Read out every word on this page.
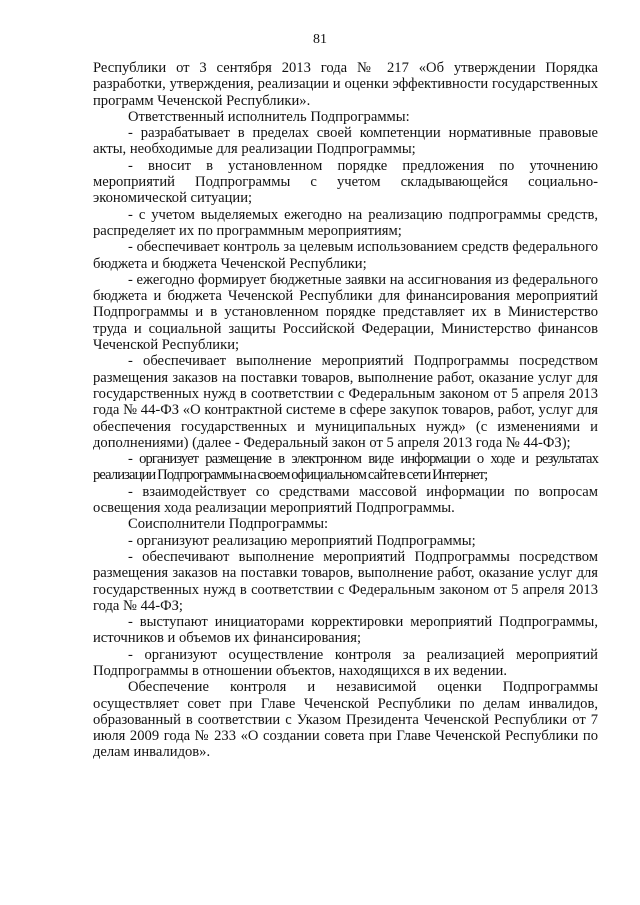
81

Республики от 3 сентября 2013 года № 217 «Об утверждении Порядка разработки, утверждения, реализации и оценки эффективности государственных программ Чеченской Республики».

Ответственный исполнитель Подпрограммы:

- разрабатывает в пределах своей компетенции нормативные правовые акты, необходимые для реализации Подпрограммы;

- вносит в установленном порядке предложения по уточнению мероприятий Подпрограммы с учетом складывающейся социально-экономической ситуации;

- с учетом выделяемых ежегодно на реализацию подпрограммы средств, распределяет их по программным мероприятиям;

- обеспечивает контроль за целевым использованием средств федерального бюджета и бюджета Чеченской Республики;

- ежегодно формирует бюджетные заявки на ассигнования из федерального бюджета и бюджета Чеченской Республики для финансирования мероприятий Подпрограммы и в установленном порядке представляет их в Министерство труда и социальной защиты Российской Федерации, Министерство финансов Чеченской Республики;

- обеспечивает выполнение мероприятий Подпрограммы посредством размещения заказов на поставки товаров, выполнение работ, оказание услуг для государственных нужд в соответствии с Федеральным законом от 5 апреля 2013 года № 44-ФЗ «О контрактной системе в сфере закупок товаров, работ, услуг для обеспечения государственных и муниципальных нужд» (с изменениями и дополнениями) (далее - Федеральный закон от 5 апреля 2013 года № 44-ФЗ);

- организует размещение в электронном виде информации о ходе и результатах реализации Подпрограммы на своем официальном сайте в сети Интернет;

- взаимодействует со средствами массовой информации по вопросам освещения хода реализации мероприятий Подпрограммы.

Соисполнители Подпрограммы:

- организуют реализацию мероприятий Подпрограммы;

- обеспечивают выполнение мероприятий Подпрограммы посредством размещения заказов на поставки товаров, выполнение работ, оказание услуг для государственных нужд в соответствии с Федеральным законом от 5 апреля 2013 года № 44-ФЗ;

- выступают инициаторами корректировки мероприятий Подпрограммы, источников и объемов их финансирования;

- организуют осуществление контроля за реализацией мероприятий Подпрограммы в отношении объектов, находящихся в их ведении.

Обеспечение контроля и независимой оценки Подпрограммы осуществляет совет при Главе Чеченской Республики по делам инвалидов, образованный в соответствии с Указом Президента Чеченской Республики от 7 июля 2009 года № 233 «О создании совета при Главе Чеченской Республики по делам инвалидов».
